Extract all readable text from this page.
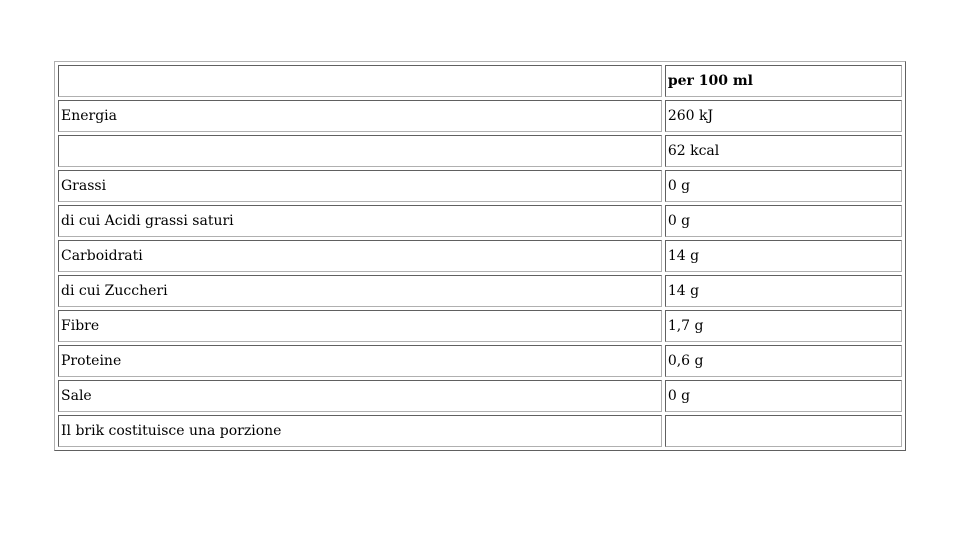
	per 100 ml
Energia	260 kJ
	62 kcal
Grassi	0 g
di cui Acidi grassi saturi	0 g
Carboidrati	14 g
di cui Zuccheri	14 g
Fibre	1,7 g
Proteine	0,6 g
Sale	0 g
Il brik costituisce una porzione	
